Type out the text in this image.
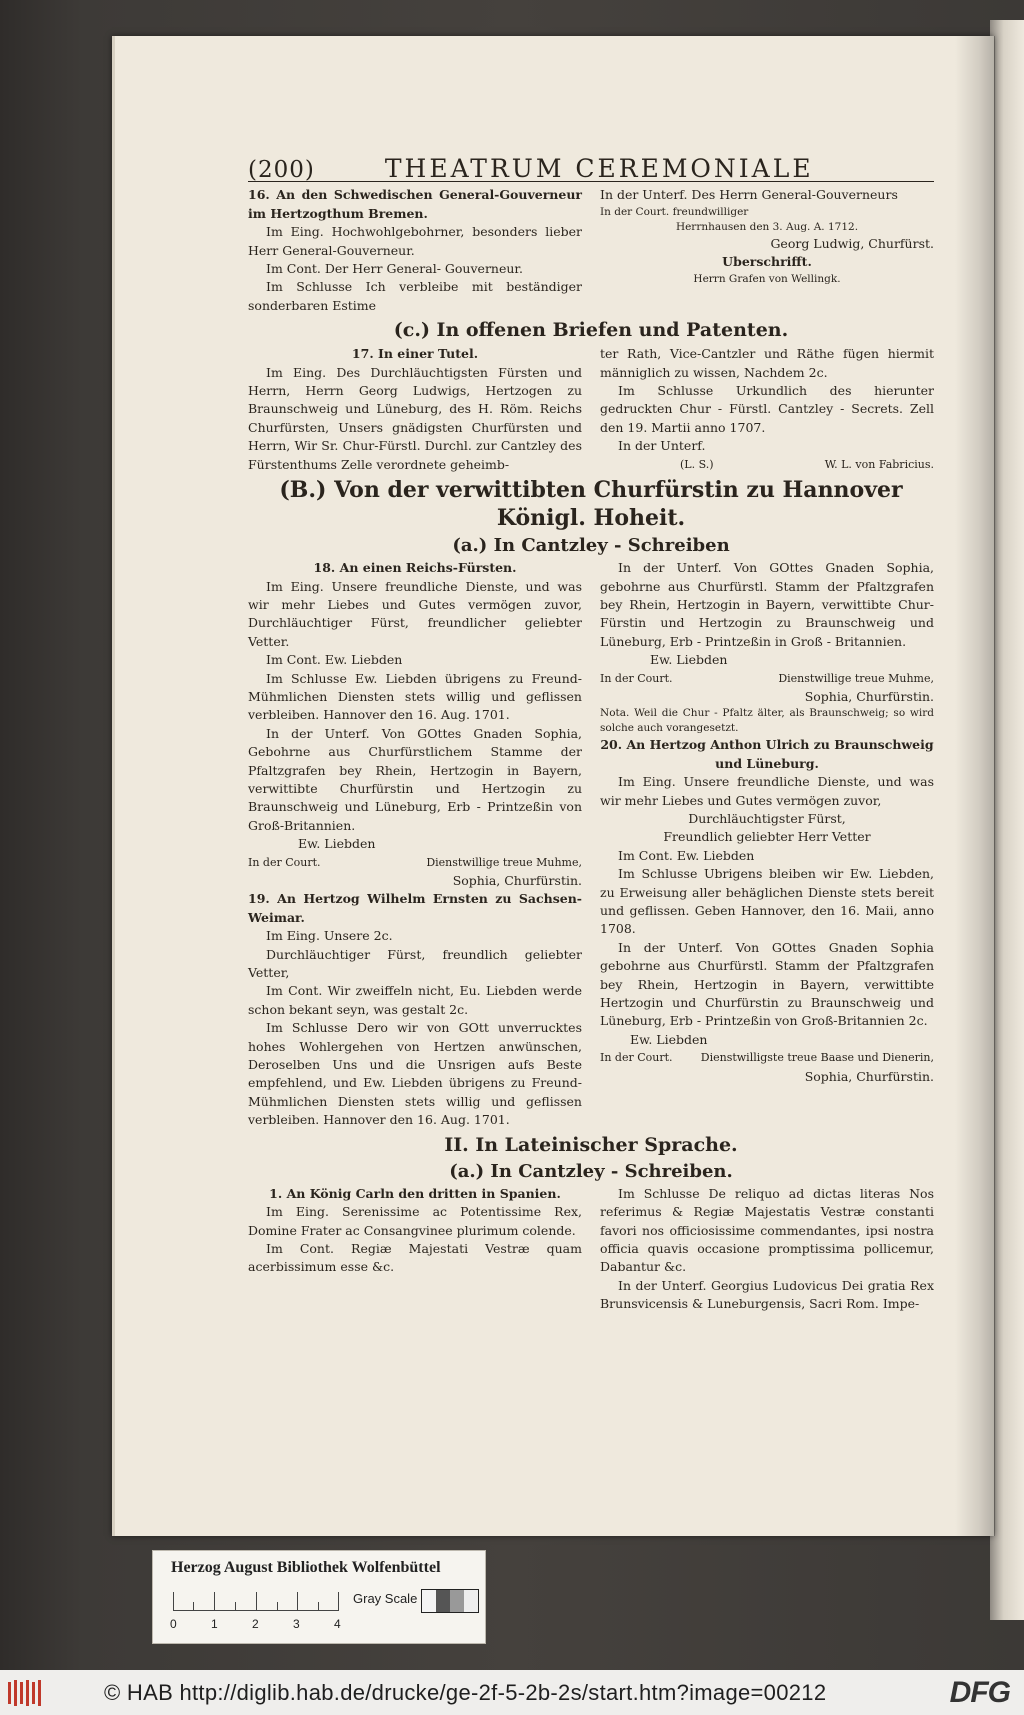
(200)	THEATRUM CEREMONIALE
16. An den Schwedischen General-Gouverneur im Hertzogthum Bremen.
Im Eing. Hochwohlgebohrner, besonders lieber Herr General-Gouverneur.
Im Cont. Der Herr General- Gouverneur.
Im Schlusse Ich verbleibe mit beständiger sonderbaren Estime
In der Unterf. Des Herrn General-Gouverneurs
In der Court. freundwilliger
Herrnhausen den 3. Aug. A. 1712.
Georg Ludwig, Churfürst.
Uberschrifft.
Herrn Grafen von Wellingk.
(c.) In offenen Briefen und Patenten.
17. In einer Tutel.
Im Eing. Des Durchläuchtigsten Fürsten und Herrn, Herrn Georg Ludwigs, Hertzogen zu Braunschweig und Lüneburg, des H. Röm. Reichs Churfürsten, Unsers gnädigsten Churfürsten und Herrn, Wir Sr. Chur-Fürstl. Durchl. zur Cantzley des Fürstenthums Zelle verordnete geheimb-
ter Rath, Vice-Cantzler und Räthe fügen hiermit männiglich zu wissen, Nachdem 2c.
Im Schlusse Urkundlich des hierunter gedruckten Chur - Fürstl. Cantzley - Secrets. Zell den 19. Martii anno 1707.
In der Unterf.
(L. S.)	W. L. von Fabricius.
(B.) Von der verwittibten Churfürstin zu Hannover Königl. Hoheit.
(a.) In Cantzley - Schreiben
18. An einen Reichs-Fürsten.
Im Eing. Unsere freundliche Dienste, und was wir mehr Liebes und Gutes vermögen zuvor, Durchläuchtiger Fürst, freundlicher geliebter Vetter.
Im Cont. Ew. Liebden
Im Schlusse Ew. Liebden übrigens zu Freund-Mühmlichen Diensten stets willig und geflissen verbleiben. Hannover den 16. Aug. 1701.
In der Unterf. Von GOttes Gnaden Sophia, Gebohrne aus Churfürstlichem Stamme der Pfaltzgrafen bey Rhein, Hertzogin in Bayern, verwittibte Churfürstin und Hertzogin zu Braunschweig und Lüneburg, Erb - Printzeßin von Groß-Britannien.
Ew. Liebden
In der Court.	Dienstwillige treue Muhme,
Sophia, Churfürstin.
19. An Hertzog Wilhelm Ernsten zu Sachsen-Weimar.
Im Eing. Unsere 2c.
Durchläuchtiger Fürst, freundlich geliebter Vetter,
Im Cont. Wir zweiffeln nicht, Eu. Liebden werde schon bekant seyn, was gestalt 2c.
Im Schlusse Dero wir von GOtt unverrucktes hohes Wohlergehen von Hertzen anwünschen, Deroselben Uns und die Unsrigen aufs Beste empfehlend, und Ew. Liebden übrigens zu Freund-Mühmlichen Diensten stets willig und geflissen verbleiben. Hannover den 16. Aug. 1701.
In der Unterf. Von GOttes Gnaden Sophia, gebohrne aus Churfürstl. Stamm der Pfaltzgrafen bey Rhein, Hertzogin in Bayern, verwittibte Chur-Fürstin und Hertzogin zu Braunschweig und Lüneburg, Erb - Printzeßin in Groß - Britannien.
Ew. Liebden
In der Court.	Dienstwillige treue Muhme,
Sophia, Churfürstin.
Nota. Weil die Chur - Pfaltz älter, als Braunschweig; so wird solche auch vorangesetzt.
20. An Hertzog Anthon Ulrich zu Braunschweig und Lüneburg.
Im Eing. Unsere freundliche Dienste, und was wir mehr Liebes und Gutes vermögen zuvor,
Durchläuchtigster Fürst,
Freundlich geliebter Herr Vetter
Im Cont. Ew. Liebden
Im Schlusse Ubrigens bleiben wir Ew. Liebden, zu Erweisung aller behäglichen Dienste stets bereit und geflissen. Geben Hannover, den 16. Maii, anno 1708.
In der Unterf. Von GOttes Gnaden Sophia gebohrne aus Churfürstl. Stamm der Pfaltzgrafen bey Rhein, Hertzogin in Bayern, verwittibte Hertzogin und Churfürstin zu Braunschweig und Lüneburg, Erb - Printzeßin von Groß-Britannien 2c.
Ew. Liebden
In der Court.	Dienstwilligste treue Baase und Dienerin,
Sophia, Churfürstin.
II. In Lateinischer Sprache.
(a.) In Cantzley - Schreiben.
1. An König Carln den dritten in Spanien.
Im Eing. Serenissime ac Potentissime Rex, Domine Frater ac Consangvinee plurimum colende.
Im Cont. Regiæ Majestati Vestræ quam acerbissimum esse &c.
Im Schlusse De reliquo ad dictas literas Nos referimus & Regiæ Majestatis Vestræ constanti favori nos officiosissime commendantes, ipsi nostra officia quavis occasione promptissima pollicemur, Dabantur &c.
In der Unterf. Georgius Ludovicus Dei gratia Rex Brunsvicensis & Luneburgensis, Sacri Rom. Impe-
Herzog August Bibliothek Wolfenbüttel
0	1	2	3	4
Gray Scale
© HAB http://diglib.hab.de/drucke/ge-2f-5-2b-2s/start.htm?image=00212	DFG
